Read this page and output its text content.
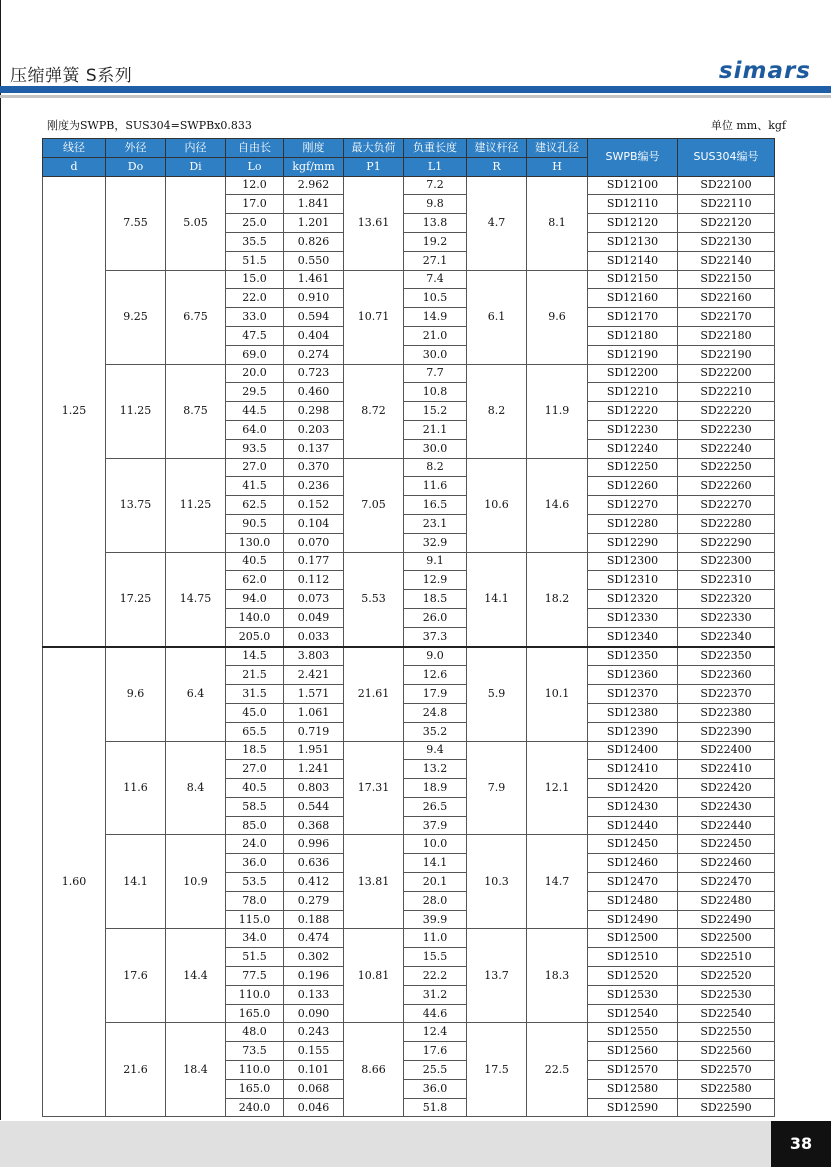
压缩弹簧 S系列	simars
刚度为SWPB，SUS304=SWPBx0.833	单位 mm、kgf
线径	外径	内径	自由长	刚度	最大负荷	负重长度	建议杆径	建议孔径	SWPB编号	SUS304编号
d	Do	Di	Lo	kgf/mm	P1	L1	R	H		
1.25	7.55	5.05	12.0	2.962	13.61	7.2	4.7	8.1	SD12100	SD22100
			17.0	1.841		9.8			SD12110	SD22110
			25.0	1.201		13.8			SD12120	SD22120
			35.5	0.826		19.2			SD12130	SD22130
			51.5	0.550		27.1			SD12140	SD22140
	9.25	6.75	15.0	1.461	10.71	7.4	6.1	9.6	SD12150	SD22150
			22.0	0.910		10.5			SD12160	SD22160
			33.0	0.594		14.9			SD12170	SD22170
			47.5	0.404		21.0			SD12180	SD22180
			69.0	0.274		30.0			SD12190	SD22190
	11.25	8.75	20.0	0.723	8.72	7.7	8.2	11.9	SD12200	SD22200
			29.5	0.460		10.8			SD12210	SD22210
			44.5	0.298		15.2			SD12220	SD22220
			64.0	0.203		21.1			SD12230	SD22230
			93.5	0.137		30.0			SD12240	SD22240
	13.75	11.25	27.0	0.370	7.05	8.2	10.6	14.6	SD12250	SD22250
			41.5	0.236		11.6			SD12260	SD22260
			62.5	0.152		16.5			SD12270	SD22270
			90.5	0.104		23.1			SD12280	SD22280
			130.0	0.070		32.9			SD12290	SD22290
	17.25	14.75	40.5	0.177	5.53	9.1	14.1	18.2	SD12300	SD22300
			62.0	0.112		12.9			SD12310	SD22310
			94.0	0.073		18.5			SD12320	SD22320
			140.0	0.049		26.0			SD12330	SD22330
			205.0	0.033		37.3			SD12340	SD22340
1.60	9.6	6.4	14.5	3.803	21.61	9.0	5.9	10.1	SD12350	SD22350
			21.5	2.421		12.6			SD12360	SD22360
			31.5	1.571		17.9			SD12370	SD22370
			45.0	1.061		24.8			SD12380	SD22380
			65.5	0.719		35.2			SD12390	SD22390
	11.6	8.4	18.5	1.951	17.31	9.4	7.9	12.1	SD12400	SD22400
			27.0	1.241		13.2			SD12410	SD22410
			40.5	0.803		18.9			SD12420	SD22420
			58.5	0.544		26.5			SD12430	SD22430
			85.0	0.368		37.9			SD12440	SD22440
	14.1	10.9	24.0	0.996	13.81	10.0	10.3	14.7	SD12450	SD22450
			36.0	0.636		14.1			SD12460	SD22460
			53.5	0.412		20.1			SD12470	SD22470
			78.0	0.279		28.0			SD12480	SD22480
			115.0	0.188		39.9			SD12490	SD22490
	17.6	14.4	34.0	0.474	10.81	11.0	13.7	18.3	SD12500	SD22500
			51.5	0.302		15.5			SD12510	SD22510
			77.5	0.196		22.2			SD12520	SD22520
			110.0	0.133		31.2			SD12530	SD22530
			165.0	0.090		44.6			SD12540	SD22540
	21.6	18.4	48.0	0.243	8.66	12.4	17.5	22.5	SD12550	SD22550
			73.5	0.155		17.6			SD12560	SD22560
			110.0	0.101		25.5			SD12570	SD22570
			165.0	0.068		36.0			SD12580	SD22580
			240.0	0.046		51.8			SD12590	SD22590
38
